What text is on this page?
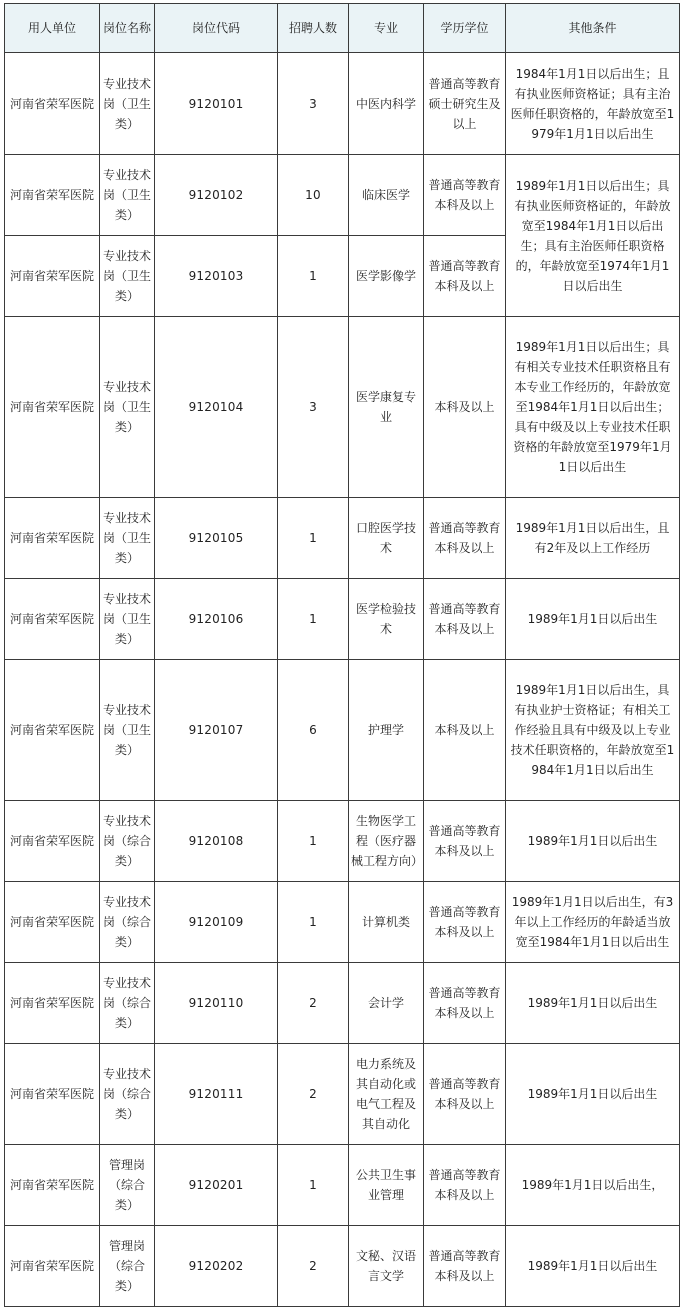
用人单位	岗位名称	岗位代码	招聘人数	专业	学历学位	其他条件
河南省荣军医院	专业技术岗（卫生类）	9120101	3	中医内科学	普通高等教育硕士研究生及以上	1984年1月1日以后出生；且有执业医师资格证；具有主治医师任职资格的，年龄放宽至1979年1月1日以后出生
河南省荣军医院	专业技术岗（卫生类）	9120102	10	临床医学	普通高等教育本科及以上	1989年1月1日以后出生；具有执业医师资格证的，年龄放宽至1984年1月1日以后出生；具有主治医师任职资格的，年龄放宽至1974年1月1日以后出生
河南省荣军医院	专业技术岗（卫生类）	9120103	1	医学影像学	普通高等教育本科及以上	
河南省荣军医院	专业技术岗（卫生类）	9120104	3	医学康复专业	本科及以上	1989年1月1日以后出生；具有相关专业技术任职资格且有本专业工作经历的，年龄放宽至1984年1月1日以后出生；具有中级及以上专业技术任职资格的年龄放宽至1979年1月1日以后出生
河南省荣军医院	专业技术岗（卫生类）	9120105	1	口腔医学技术	普通高等教育本科及以上	1989年1月1日以后出生，且有2年及以上工作经历
河南省荣军医院	专业技术岗（卫生类）	9120106	1	医学检验技术	普通高等教育本科及以上	1989年1月1日以后出生
河南省荣军医院	专业技术岗（卫生类）	9120107	6	护理学	本科及以上	1989年1月1日以后出生，具有执业护士资格证；有相关工作经验且具有中级及以上专业技术任职资格的，年龄放宽至1984年1月1日以后出生
河南省荣军医院	专业技术岗（综合类）	9120108	1	生物医学工程（医疗器械工程方向）	普通高等教育本科及以上	1989年1月1日以后出生
河南省荣军医院	专业技术岗（综合类）	9120109	1	计算机类	普通高等教育本科及以上	1989年1月1日以后出生，有3年以上工作经历的年龄适当放宽至1984年1月1日以后出生
河南省荣军医院	专业技术岗（综合类）	9120110	2	会计学	普通高等教育本科及以上	1989年1月1日以后出生
河南省荣军医院	专业技术岗（综合类）	9120111	2	电力系统及其自动化或电气工程及其自动化	普通高等教育本科及以上	1989年1月1日以后出生
河南省荣军医院	管理岗（综合类）	9120201	1	公共卫生事业管理	普通高等教育本科及以上	1989年1月1日以后出生，
河南省荣军医院	管理岗（综合类）	9120202	2	文秘、汉语言文学	普通高等教育本科及以上	1989年1月1日以后出生
